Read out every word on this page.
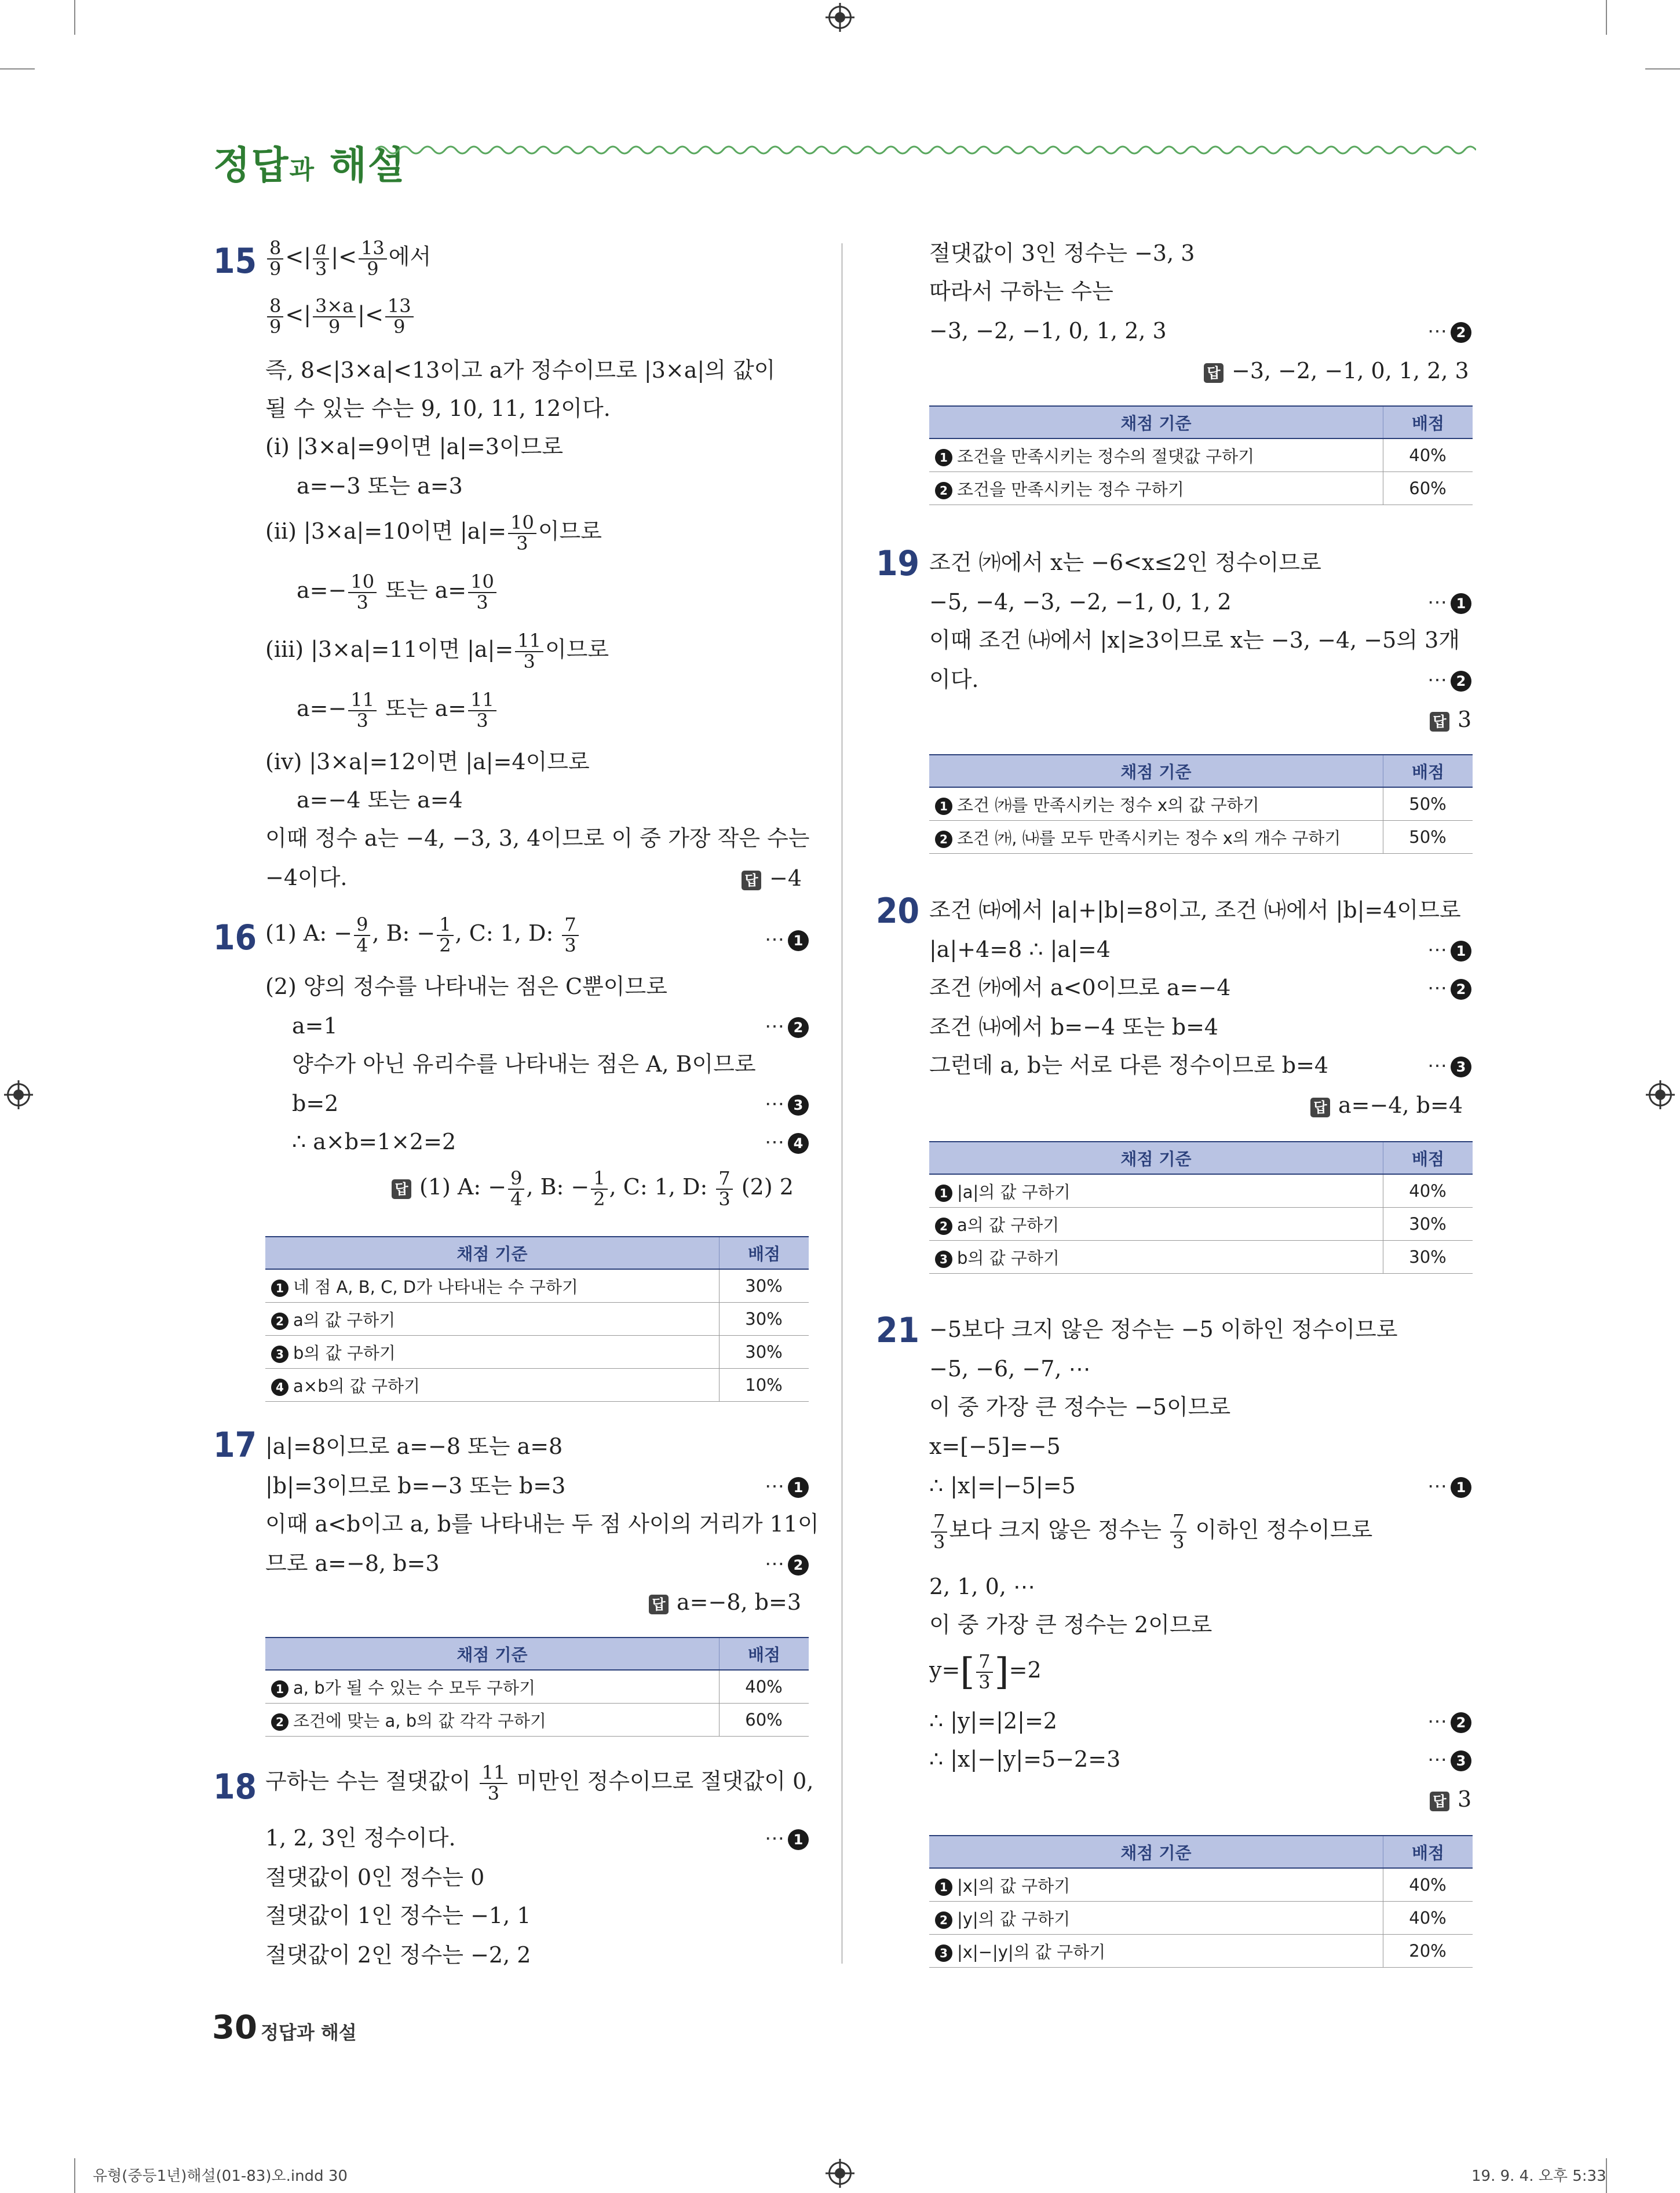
정답과 해설
$15 \frac{8}{9}$ <| $\frac{a}{3}$ |< $\frac{13}{9}$ 에서
$\frac{8}{9}$ <| $\frac{3\times a}{9}$ |< $\frac{13}{9}$
즉, 8<|3×a|<13이고 a가 정수이므로 |3×a|의 값이
될 수 있는 수는 9, 10, 11, 12이다.
(ⅰ) |3×a|=9이면 |a|=3이므로
a=−3 또는 a=3
(ⅱ) |3×a|=10이면 $|a|= \frac{10}{3}$ 이므로
$a=- \frac{10}{3}$ 또는 $a= \frac{10}{3}$
(ⅲ) |3×a|=11이면 $|a|= \frac{11}{3}$ 이므로
$a=- \frac{11}{3}$ 또는 $a= \frac{11}{3}$
(ⅳ) |3×a|=12이면 |a|=4이므로
a=−4 또는 a=4
이때 정수 a는 −4, −3, 3, 4이므로 이 중 가장 작은 수는
−4이다.	답 −4
16 (1) A: − $\frac{9}{4}$ , B: − $\frac{1}{2}$ , C: 1, D: $\frac{7}{3}$	⋯ 1
(2) 양의 정수를 나타내는 점은 C뿐이므로
a=1	⋯ 2
양수가 아닌 유리수를 나타내는 점은 A, B이므로
b=2	⋯ 3
∴ a×b=1×2=2	⋯ 4
답 (1) A: − $\frac{9}{4}$ , B: − $\frac{1}{2}$ , C: 1, D: $\frac{7}{3} (2)$ 2
채점 기준	배점
1 네 점 A, B, C, D가 나타내는 수 구하기	30%
2 a의 값 구하기	30%
3 b의 값 구하기	30%
4 a×b의 값 구하기	10%
17 |a|=8이므로 a=−8 또는 a=8
|b|=3이므로 b=−3 또는 b=3	⋯ 1
이때 a<b이고 a, b를 나타내는 두 점 사이의 거리가 11이
므로 a=−8, b=3	⋯ 2
답 a=−8, b=3
채점 기준	배점
1 a, b가 될 수 있는 수 모두 구하기	40%
2 조건에 맞는 a, b의 값 각각 구하기	60%
18 구하는 수는 절댓값이 $\frac{11}{3}$ 미만인 정수이므로 절댓값이 0,
1, 2, 3인 정수이다.	⋯ 1
절댓값이 0인 정수는 0
절댓값이 1인 정수는 −1, 1
절댓값이 2인 정수는 −2, 2
절댓값이 3인 정수는 −3, 3
따라서 구하는 수는
−3, −2, −1, 0, 1, 2, 3	⋯ 2
답 −3, −2, −1, 0, 1, 2, 3
채점 기준	배점
1 조건을 만족시키는 정수의 절댓값 구하기	40%
2 조건을 만족시키는 정수 구하기	60%
19 조건 ㈎에서 x는 −6<x≤2인 정수이므로
−5, −4, −3, −2, −1, 0, 1, 2	⋯ 1
이때 조건 ㈏에서 |x|≥3이므로 x는 −3, −4, −5의 3개
이다.	⋯ 2
답 3
채점 기준	배점
1 조건 ㈎를 만족시키는 정수 x의 값 구하기	50%
2 조건 ㈎, ㈏를 모두 만족시키는 정수 x의 개수 구하기	50%
20 조건 ㈐에서 |a|+|b|=8이고, 조건 ㈏에서 |b|=4이므로
|a|+4=8 ∴ |a|=4	⋯ 1
조건 ㈎에서 a<0이므로 a=−4	⋯ 2
조건 ㈏에서 b=−4 또는 b=4
그런데 a, b는 서로 다른 정수이므로 b=4	⋯ 3
답 a=−4, b=4
채점 기준	배점
1 |a|의 값 구하기	40%
2 a의 값 구하기	30%
3 b의 값 구하기	30%
21 −5보다 크지 않은 정수는 −5 이하인 정수이므로
−5, −6, −7, ⋯
이 중 가장 큰 정수는 −5이므로
x=[−5]=−5
∴ |x|=|−5|=5	⋯ 1
$\frac{7}{3}$ 보다 크지 않은 정수는 $\frac{7}{3}$ 이하인 정수이므로
2, 1, 0, ⋯
이 중 가장 큰 정수는 2이므로
$y=[ \frac{7}{3} ]=2$
∴ |y|=|2|=2	⋯ 2
∴ |x|−|y|=5−2=3	⋯ 3
답 3
채점 기준	배점
1 |x|의 값 구하기	40%
2 |y|의 값 구하기	40%
3 |x|−|y|의 값 구하기	20%
30 정답과 해설
유형(중등1년)해설(01-83)오.indd 30	19. 9. 4. 오후 5:33
